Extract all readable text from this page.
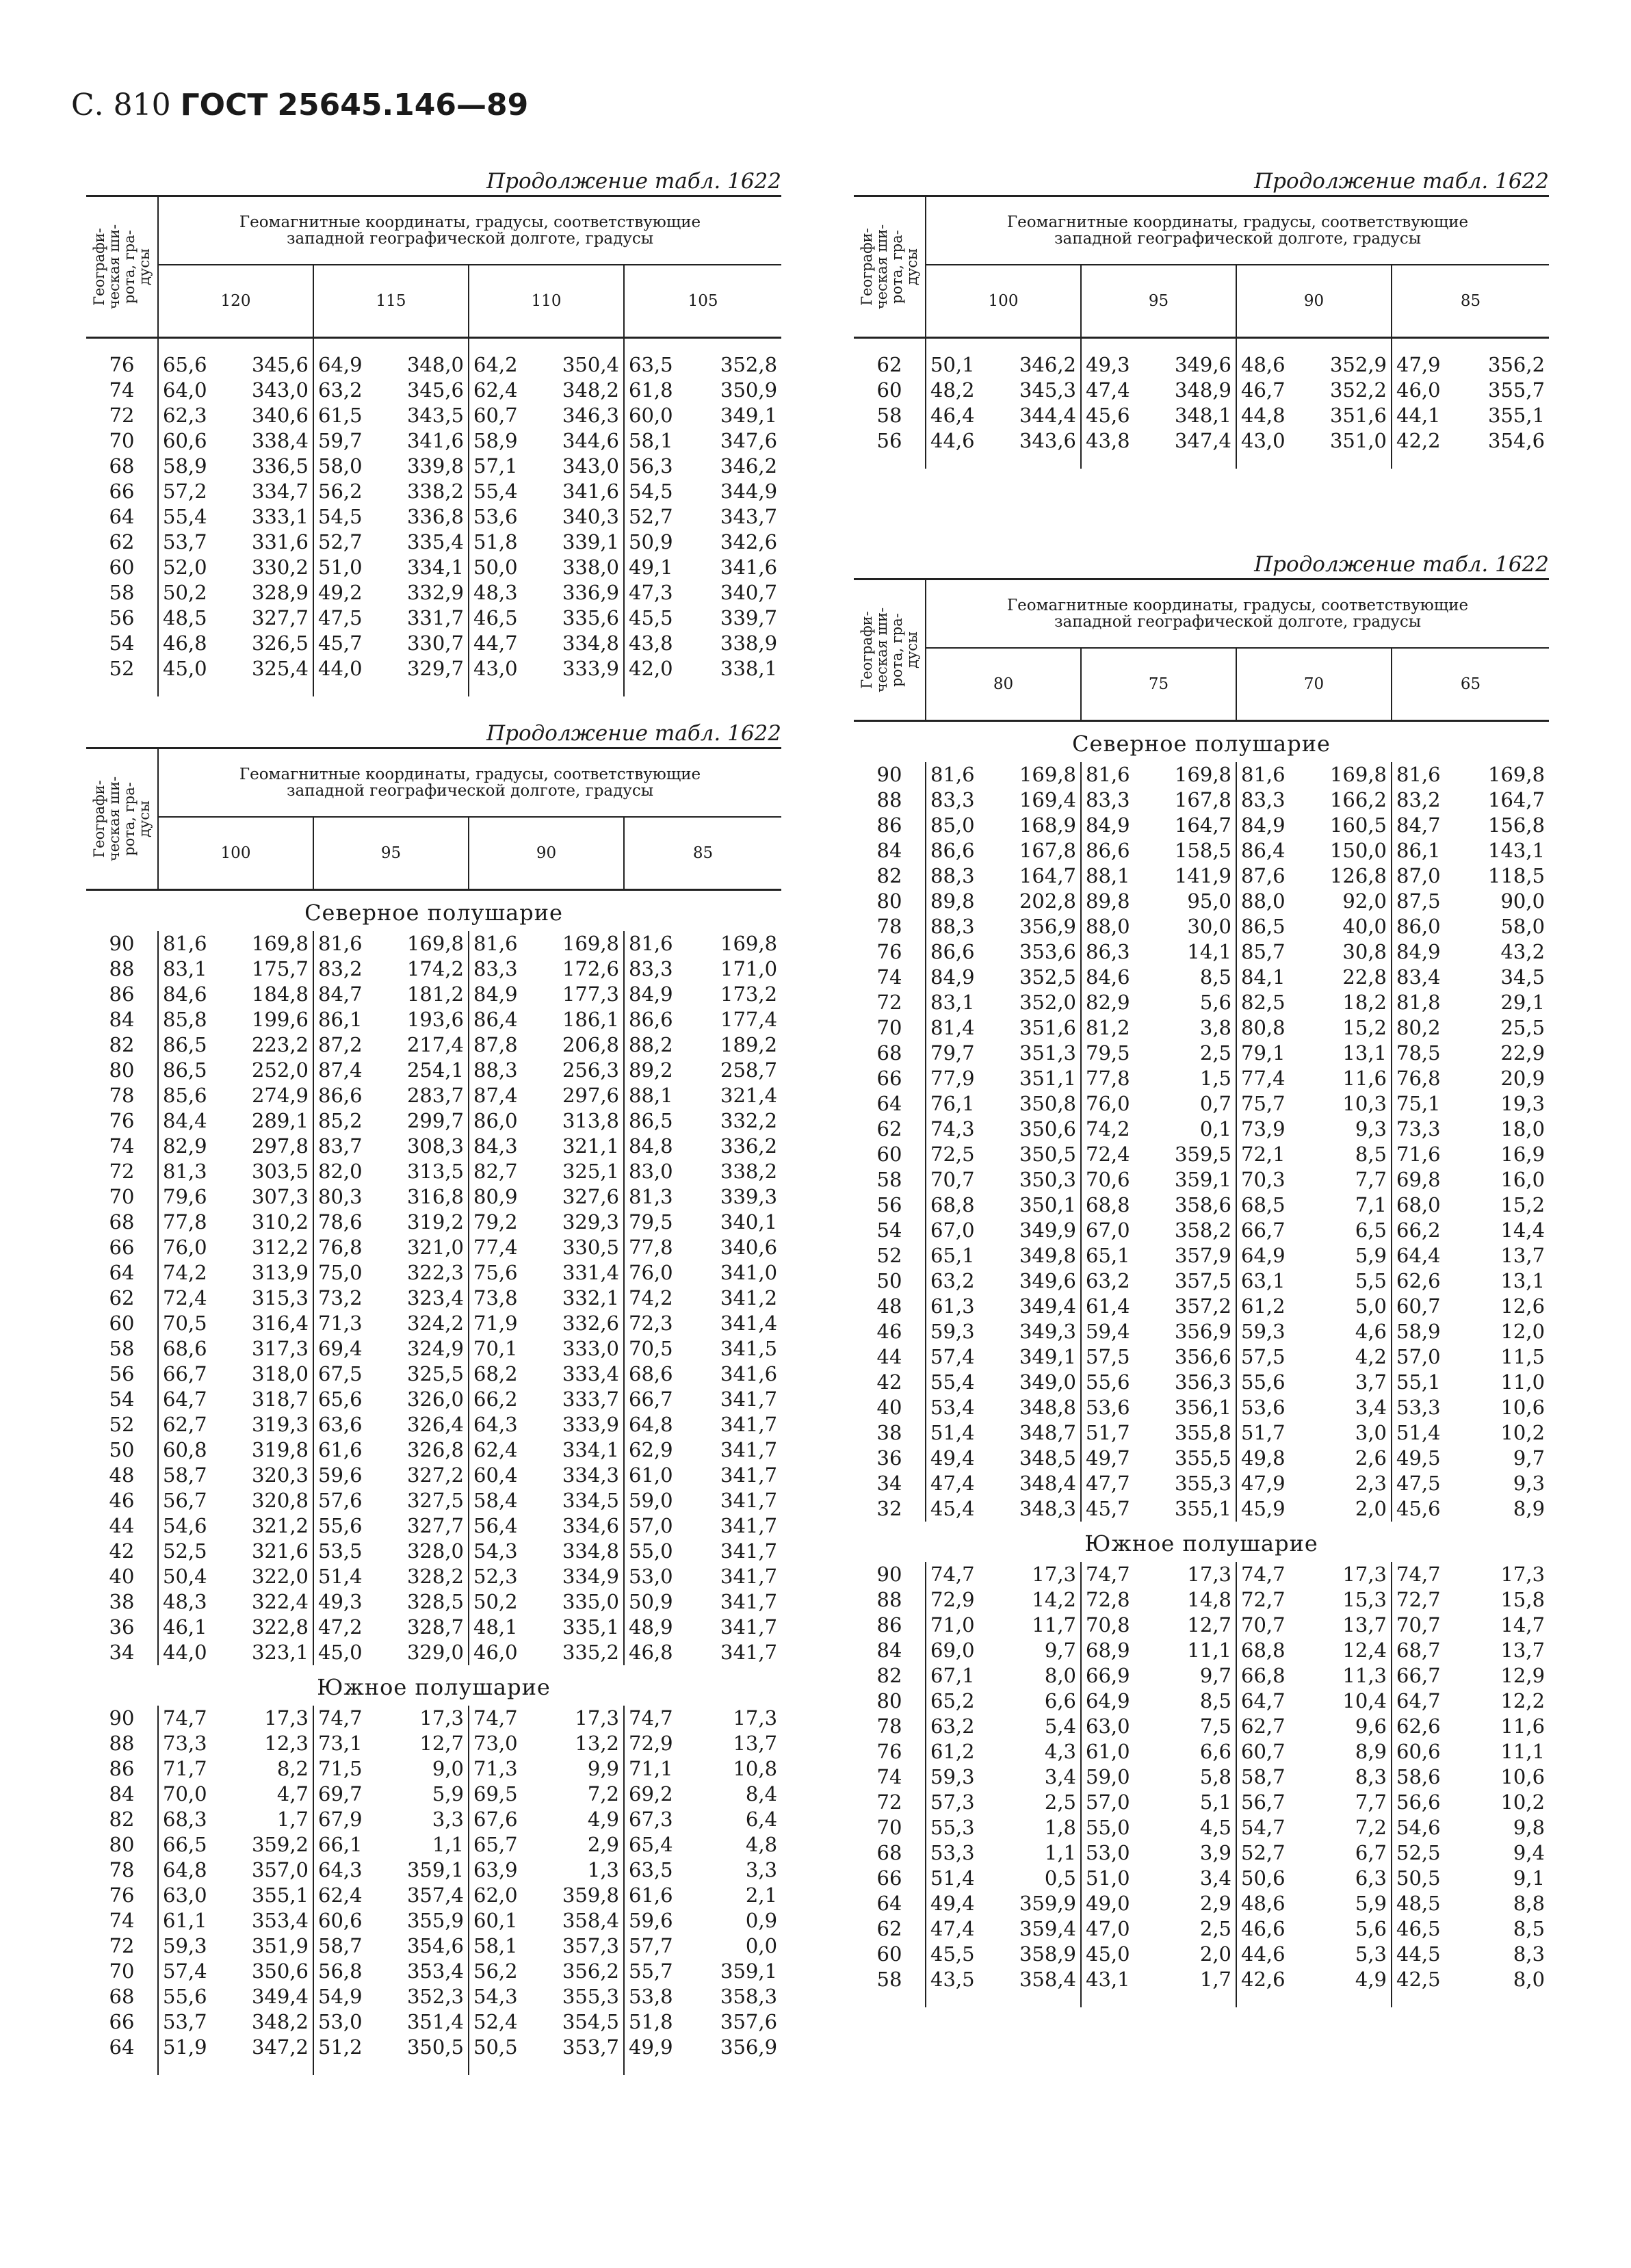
С. 810 ГОСТ 25645.146—89
Продолжение табл. 1622
Географи-
ческая ши-
рота, гра-
дусы	Геомагнитные координаты, градусы, соответствующие
западной географической долготе, градусы							
	120		115		110		105	

76	65,6	345,6	64,9	348,0	64,2	350,4	63,5	352,8
74	64,0	343,0	63,2	345,6	62,4	348,2	61,8	350,9
72	62,3	340,6	61,5	343,5	60,7	346,3	60,0	349,1
70	60,6	338,4	59,7	341,6	58,9	344,6	58,1	347,6
68	58,9	336,5	58,0	339,8	57,1	343,0	56,3	346,2
66	57,2	334,7	56,2	338,2	55,4	341,6	54,5	344,9
64	55,4	333,1	54,5	336,8	53,6	340,3	52,7	343,7
62	53,7	331,6	52,7	335,4	51,8	339,1	50,9	342,6
60	52,0	330,2	51,0	334,1	50,0	338,0	49,1	341,6
58	50,2	328,9	49,2	332,9	48,3	336,9	47,3	340,7
56	48,5	327,7	47,5	331,7	46,5	335,6	45,5	339,7
54	46,8	326,5	45,7	330,7	44,7	334,8	43,8	338,9
52	45,0	325,4	44,0	329,7	43,0	333,9	42,0	338,1

Продолжение табл. 1622
Географи-
ческая ши-
рота, гра-
дусы	Геомагнитные координаты, градусы, соответствующие
западной географической долготе, градусы							
	100		95		90		85	
Северное полушарие								
90	81,6	169,8	81,6	169,8	81,6	169,8	81,6	169,8
88	83,1	175,7	83,2	174,2	83,3	172,6	83,3	171,0
86	84,6	184,8	84,7	181,2	84,9	177,3	84,9	173,2
84	85,8	199,6	86,1	193,6	86,4	186,1	86,6	177,4
82	86,5	223,2	87,2	217,4	87,8	206,8	88,2	189,2
80	86,5	252,0	87,4	254,1	88,3	256,3	89,2	258,7
78	85,6	274,9	86,6	283,7	87,4	297,6	88,1	321,4
76	84,4	289,1	85,2	299,7	86,0	313,8	86,5	332,2
74	82,9	297,8	83,7	308,3	84,3	321,1	84,8	336,2
72	81,3	303,5	82,0	313,5	82,7	325,1	83,0	338,2
70	79,6	307,3	80,3	316,8	80,9	327,6	81,3	339,3
68	77,8	310,2	78,6	319,2	79,2	329,3	79,5	340,1
66	76,0	312,2	76,8	321,0	77,4	330,5	77,8	340,6
64	74,2	313,9	75,0	322,3	75,6	331,4	76,0	341,0
62	72,4	315,3	73,2	323,4	73,8	332,1	74,2	341,2
60	70,5	316,4	71,3	324,2	71,9	332,6	72,3	341,4
58	68,6	317,3	69,4	324,9	70,1	333,0	70,5	341,5
56	66,7	318,0	67,5	325,5	68,2	333,4	68,6	341,6
54	64,7	318,7	65,6	326,0	66,2	333,7	66,7	341,7
52	62,7	319,3	63,6	326,4	64,3	333,9	64,8	341,7
50	60,8	319,8	61,6	326,8	62,4	334,1	62,9	341,7
48	58,7	320,3	59,6	327,2	60,4	334,3	61,0	341,7
46	56,7	320,8	57,6	327,5	58,4	334,5	59,0	341,7
44	54,6	321,2	55,6	327,7	56,4	334,6	57,0	341,7
42	52,5	321,6	53,5	328,0	54,3	334,8	55,0	341,7
40	50,4	322,0	51,4	328,2	52,3	334,9	53,0	341,7
38	48,3	322,4	49,3	328,5	50,2	335,0	50,9	341,7
36	46,1	322,8	47,2	328,7	48,1	335,1	48,9	341,7
34	44,0	323,1	45,0	329,0	46,0	335,2	46,8	341,7
Южное полушарие								
90	74,7	17,3	74,7	17,3	74,7	17,3	74,7	17,3
88	73,3	12,3	73,1	12,7	73,0	13,2	72,9	13,7
86	71,7	8,2	71,5	9,0	71,3	9,9	71,1	10,8
84	70,0	4,7	69,7	5,9	69,5	7,2	69,2	8,4
82	68,3	1,7	67,9	3,3	67,6	4,9	67,3	6,4
80	66,5	359,2	66,1	1,1	65,7	2,9	65,4	4,8
78	64,8	357,0	64,3	359,1	63,9	1,3	63,5	3,3
76	63,0	355,1	62,4	357,4	62,0	359,8	61,6	2,1
74	61,1	353,4	60,6	355,9	60,1	358,4	59,6	0,9
72	59,3	351,9	58,7	354,6	58,1	357,3	57,7	0,0
70	57,4	350,6	56,8	353,4	56,2	356,2	55,7	359,1
68	55,6	349,4	54,9	352,3	54,3	355,3	53,8	358,3
66	53,7	348,2	53,0	351,4	52,4	354,5	51,8	357,6
64	51,9	347,2	51,2	350,5	50,5	353,7	49,9	356,9

Продолжение табл. 1622
Географи-
ческая ши-
рота, гра-
дусы	Геомагнитные координаты, градусы, соответствующие
западной географической долготе, градусы							
	100		95		90		85	

62	50,1	346,2	49,3	349,6	48,6	352,9	47,9	356,2
60	48,2	345,3	47,4	348,9	46,7	352,2	46,0	355,7
58	46,4	344,4	45,6	348,1	44,8	351,6	44,1	355,1
56	44,6	343,6	43,8	347,4	43,0	351,0	42,2	354,6

Продолжение табл. 1622
Географи-
ческая ши-
рота, гра-
дусы	Геомагнитные координаты, градусы, соответствующие
западной географической долготе, градусы							
	80		75		70		65	
Северное полушарие								
90	81,6	169,8	81,6	169,8	81,6	169,8	81,6	169,8
88	83,3	169,4	83,3	167,8	83,3	166,2	83,2	164,7
86	85,0	168,9	84,9	164,7	84,9	160,5	84,7	156,8
84	86,6	167,8	86,6	158,5	86,4	150,0	86,1	143,1
82	88,3	164,7	88,1	141,9	87,6	126,8	87,0	118,5
80	89,8	202,8	89,8	95,0	88,0	92,0	87,5	90,0
78	88,3	356,9	88,0	30,0	86,5	40,0	86,0	58,0
76	86,6	353,6	86,3	14,1	85,7	30,8	84,9	43,2
74	84,9	352,5	84,6	8,5	84,1	22,8	83,4	34,5
72	83,1	352,0	82,9	5,6	82,5	18,2	81,8	29,1
70	81,4	351,6	81,2	3,8	80,8	15,2	80,2	25,5
68	79,7	351,3	79,5	2,5	79,1	13,1	78,5	22,9
66	77,9	351,1	77,8	1,5	77,4	11,6	76,8	20,9
64	76,1	350,8	76,0	0,7	75,7	10,3	75,1	19,3
62	74,3	350,6	74,2	0,1	73,9	9,3	73,3	18,0
60	72,5	350,5	72,4	359,5	72,1	8,5	71,6	16,9
58	70,7	350,3	70,6	359,1	70,3	7,7	69,8	16,0
56	68,8	350,1	68,8	358,6	68,5	7,1	68,0	15,2
54	67,0	349,9	67,0	358,2	66,7	6,5	66,2	14,4
52	65,1	349,8	65,1	357,9	64,9	5,9	64,4	13,7
50	63,2	349,6	63,2	357,5	63,1	5,5	62,6	13,1
48	61,3	349,4	61,4	357,2	61,2	5,0	60,7	12,6
46	59,3	349,3	59,4	356,9	59,3	4,6	58,9	12,0
44	57,4	349,1	57,5	356,6	57,5	4,2	57,0	11,5
42	55,4	349,0	55,6	356,3	55,6	3,7	55,1	11,0
40	53,4	348,8	53,6	356,1	53,6	3,4	53,3	10,6
38	51,4	348,7	51,7	355,8	51,7	3,0	51,4	10,2
36	49,4	348,5	49,7	355,5	49,8	2,6	49,5	9,7
34	47,4	348,4	47,7	355,3	47,9	2,3	47,5	9,3
32	45,4	348,3	45,7	355,1	45,9	2,0	45,6	8,9
Южное полушарие								
90	74,7	17,3	74,7	17,3	74,7	17,3	74,7	17,3
88	72,9	14,2	72,8	14,8	72,7	15,3	72,7	15,8
86	71,0	11,7	70,8	12,7	70,7	13,7	70,7	14,7
84	69,0	9,7	68,9	11,1	68,8	12,4	68,7	13,7
82	67,1	8,0	66,9	9,7	66,8	11,3	66,7	12,9
80	65,2	6,6	64,9	8,5	64,7	10,4	64,7	12,2
78	63,2	5,4	63,0	7,5	62,7	9,6	62,6	11,6
76	61,2	4,3	61,0	6,6	60,7	8,9	60,6	11,1
74	59,3	3,4	59,0	5,8	58,7	8,3	58,6	10,6
72	57,3	2,5	57,0	5,1	56,7	7,7	56,6	10,2
70	55,3	1,8	55,0	4,5	54,7	7,2	54,6	9,8
68	53,3	1,1	53,0	3,9	52,7	6,7	52,5	9,4
66	51,4	0,5	51,0	3,4	50,6	6,3	50,5	9,1
64	49,4	359,9	49,0	2,9	48,6	5,9	48,5	8,8
62	47,4	359,4	47,0	2,5	46,6	5,6	46,5	8,5
60	45,5	358,9	45,0	2,0	44,6	5,3	44,5	8,3
58	43,5	358,4	43,1	1,7	42,6	4,9	42,5	8,0
